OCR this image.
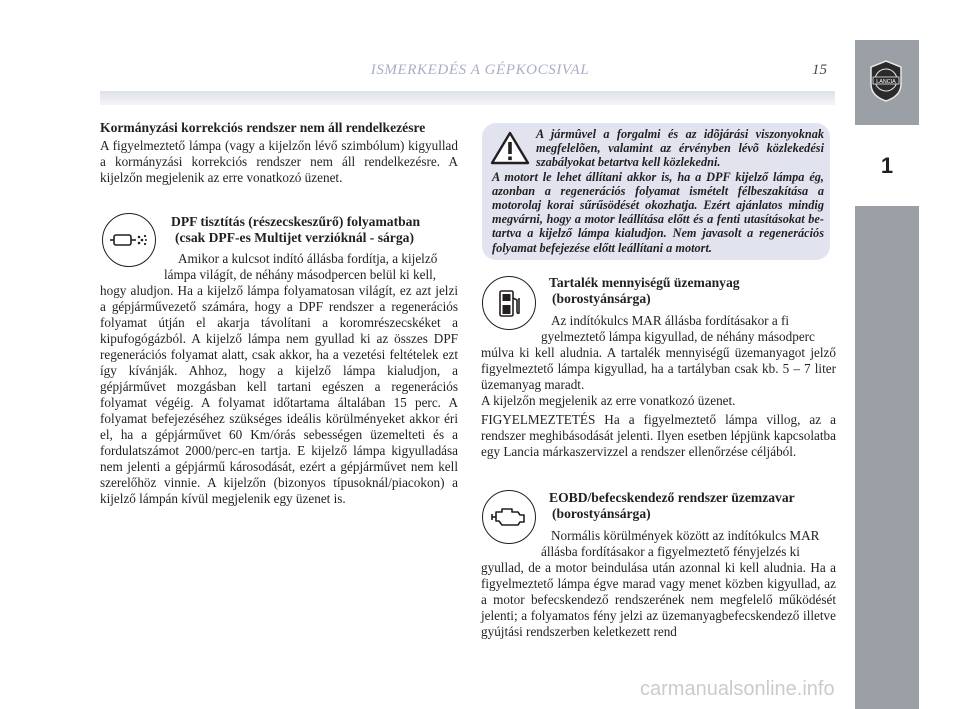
ISMERKEDÉS A GÉPKOCSIVAL	15
LANCIA
1

Kormányzási korrekciós rendszer nem áll rendelkezésre

A figyelmeztető lámpa (vagy a kijelzőn lévő szimbólum) kigyullad a kormányzási korrekciós rendszer nem áll rendelkezésre. A kijelzőn megjelenik az erre vonatkozó üzenet.

DPF tisztítás (részecskeszűrő) folyamatban

(csak DPF-es Multijet verzióknál - sárga)

Amikor a kulcsot indító állásba fordítja, a kijelző

lámpa világít, de néhány másodpercen belül ki kell,

hogy aludjon. Ha a kijelző lámpa folyamatosan világít, ez azt jelzi a gépjárművezető számára, hogy a DPF rendszer a regenerációs folyamat útján el akarja távolítani a koromrészecskéket a kipufogógázból. A kijelző lámpa nem gyullad ki az összes DPF regenerációs folyamat alatt, csak akkor, ha a vezetési feltételek ezt így kívánják. Ahhoz, hogy a kijelző lámpa kialudjon, a gépjárművet mozgásban kell tartani egészen a regenerációs folyamat végéig. A folyamat időtartama általában 15 perc. A folyamat befejezéséhez szükséges ideális körülményeket akkor éri el, ha a gépjárművet 60 Km/órás sebességen üzemelteti és a fordulatszámot 2000/perc-en tartja. E kijelző lámpa kigyulladása nem jelenti a gépjármű károsodását, ezért a gépjárművet nem kell szerelőhöz vinnie. A kijelzőn (bizonyos típusoknál/piacokon) a kijelző lámpán kívül megjelenik egy üzenet is.

A jármûvel a forgalmi és az idõjárási viszonyoknak megfelelõen, valamint az érvényben lévõ közlekedési szabályokat betartva kell közlekedni.
A motort le lehet állítani akkor is, ha a DPF kijelző lámpa ég, azonban a regenerációs folyamat ismételt félbeszakítása a motorolaj korai sűrűsödését okozhatja. Ezért ajánlatos mindig megvárni, hogy a motor leállítása előtt és a fenti utasításokat betartva a kijelző lámpa kialudjon. Nem javasolt a regenerációs folyamat befejezése előtt leállítani a motort.

Tartalék mennyiségű üzemanyag

(borostyánsárga)

Az indítókulcs MAR állásba fordításakor a fi

gyelmeztető lámpa kigyullad, de néhány másodperc

múlva ki kell aludnia. A tartalék mennyiségű üzemanyagot jelző figyelmeztető lámpa kigyullad, ha a tartályban csak kb. 5 – 7 liter üzemanyag maradt.

A kijelzőn megjelenik az erre vonatkozó üzenet.

FIGYELMEZTETÉS Ha a figyelmeztető lámpa villog, az a rendszer meghibásodását jelenti. Ilyen esetben lépjünk kapcsolatba egy Lancia márkaszervizzel a rendszer ellenőrzése céljából.

EOBD/befecskendező rendszer üzemzavar

(borostyánsárga)

Normális körülmények között az indítókulcs MAR

állásba fordításakor a figyelmeztető fényjelzés ki

gyullad, de a motor beindulása után azonnal ki kell aludnia. Ha a figyelmeztető lámpa égve marad vagy menet közben kigyullad, az a motor befecskendező rendszerének nem megfelelő működését jelenti; a folyamatos fény jelzi az üzemanyagbefecskendező illetve gyújtási rendszerben keletkezett rend

carmanualsonline.info
